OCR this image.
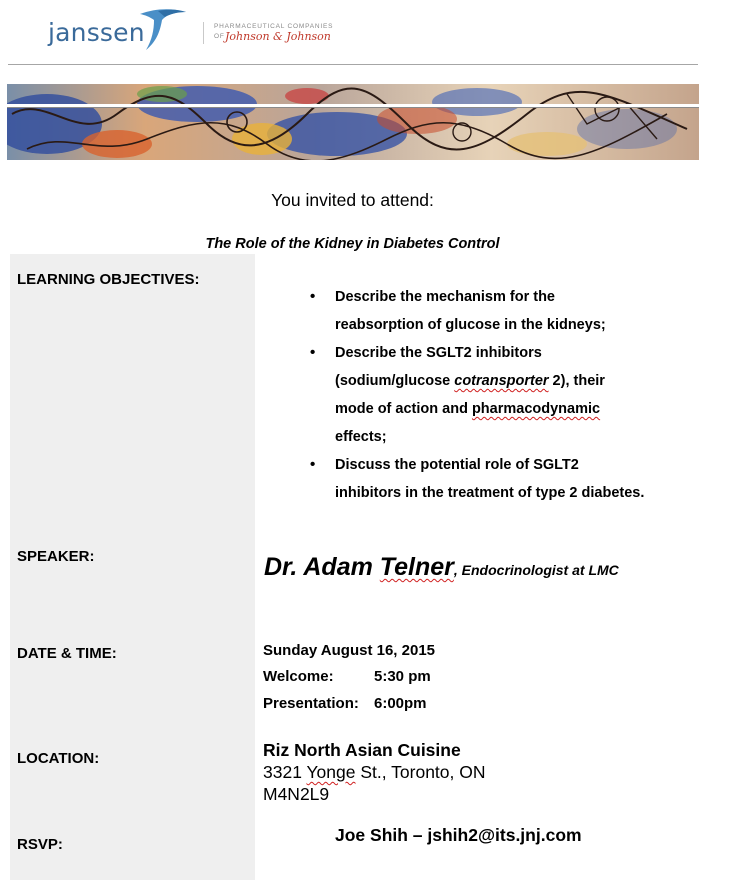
janssen	PHARMACEUTICAL COMPANIES
OF Johnson & Johnson
You invited to attend:
The Role of the Kidney in Diabetes Control
LEARNING OBJECTIVES:
SPEAKER:
DATE & TIME:
LOCATION:
RSVP:
• Describe the mechanism for the
reabsorption of glucose in the kidneys;
• Describe the SGLT2 inhibitors
(sodium/glucose cotransporter 2), their
mode of action and pharmacodynamic
effects;
• Discuss the potential role of SGLT2
inhibitors in the treatment of type 2 diabetes.
Dr. Adam Telner, Endocrinologist at LMC
Sunday August 16, 2015
Welcome:	5:30 pm
Presentation: 6:00pm
Riz North Asian Cuisine
3321 Yonge St., Toronto, ON
M4N2L9
Joe Shih – jshih2@its.jnj.com
